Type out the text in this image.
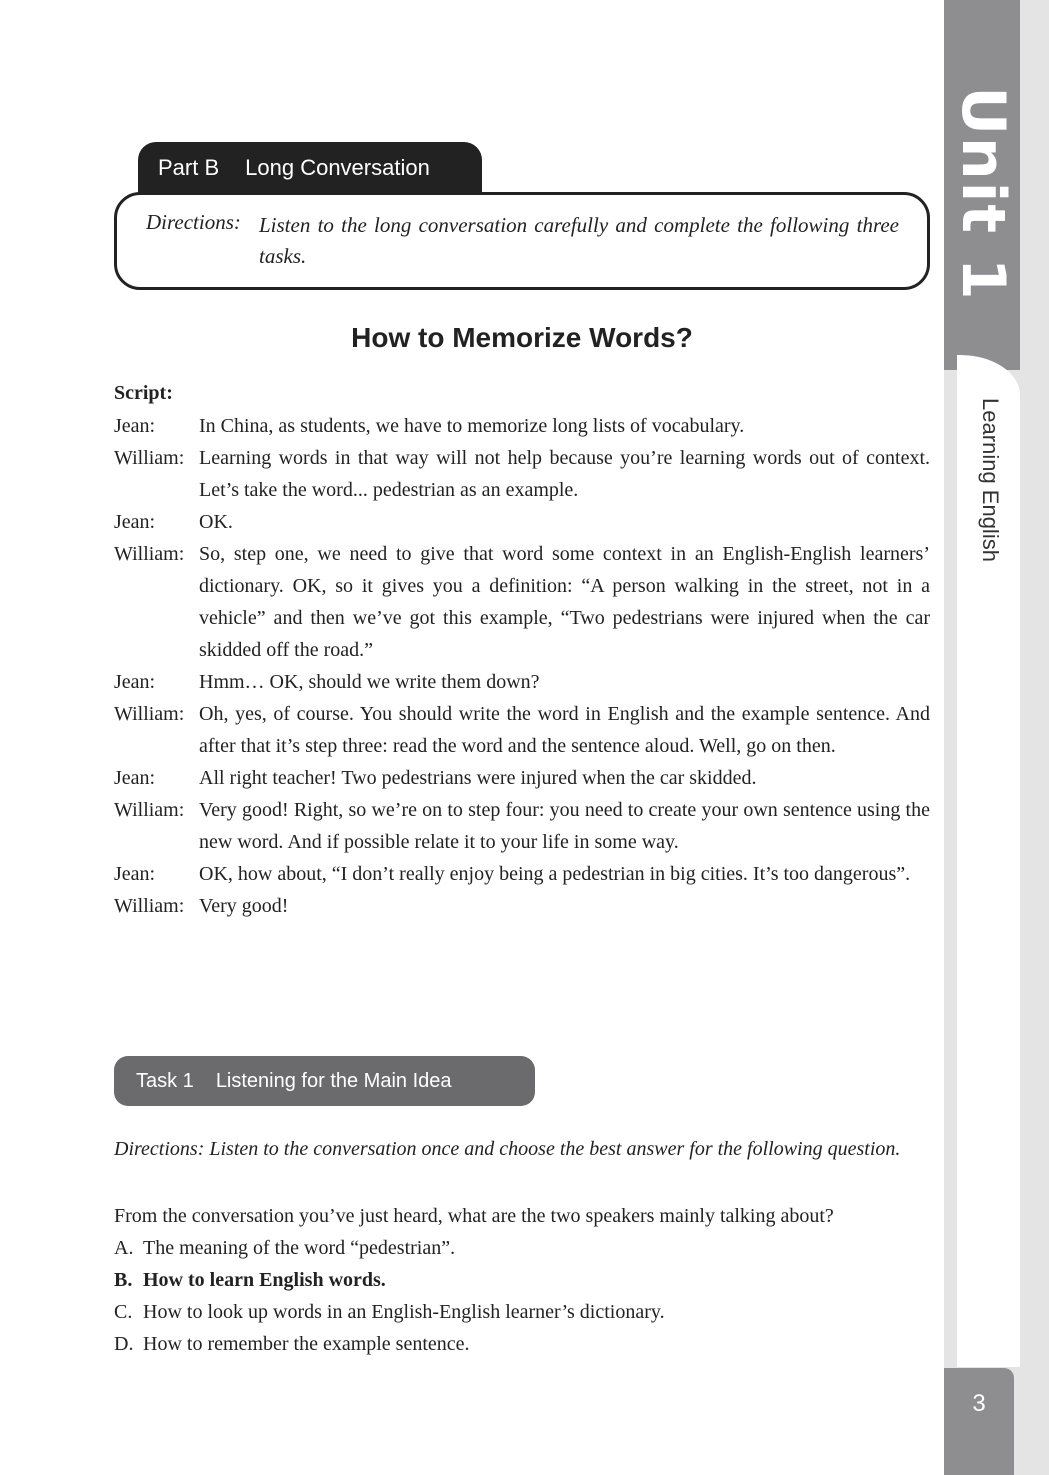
Unit 1
Learning English
3
Part B Long Conversation
Directions: Listen to the long conversation carefully and complete the following three tasks.
How to Memorize Words?
Script:
Jean:	In China, as students, we have to memorize long lists of vocabulary.
William: Learning words in that way will not help because you’re learning words out of context. Let’s take the word... pedestrian as an example.
Jean:	OK.
William: So, step one, we need to give that word some context in an English-English learners’ dictionary. OK, so it gives you a definition: “A person walking in the street, not in a vehicle” and then we’ve got this example, “Two pedestrians were injured when the car skidded off the road.”
Jean:	Hmm… OK, should we write them down?
William: Oh, yes, of course. You should write the word in English and the example sentence. And after that it’s step three: read the word and the sentence aloud. Well, go on then.
Jean:	All right teacher! Two pedestrians were injured when the car skidded.
William: Very good! Right, so we’re on to step four: you need to create your own sentence using the new word. And if possible relate it to your life in some way.
Jean:	OK, how about, “I don’t really enjoy being a pedestrian in big cities. It’s too dangerous”.
William: Very good!
Task 1 Listening for the Main Idea
Directions: Listen to the conversation once and choose the best answer for the following question.
From the conversation you’ve just heard, what are the two speakers mainly talking about?
A. The meaning of the word “pedestrian”.
B. How to learn English words.
C. How to look up words in an English-English learner’s dictionary.
D. How to remember the example sentence.
